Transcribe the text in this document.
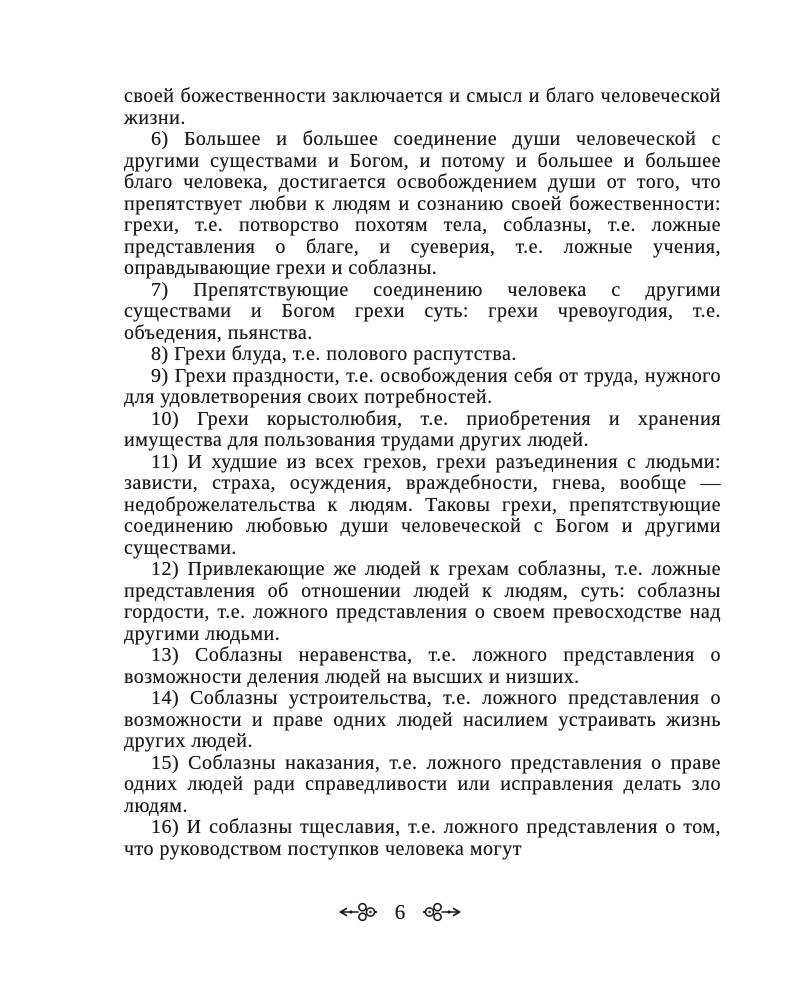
своей божественности заключается и смысл и благо человеческой жизни.

6) Большее и большее соединение души человеческой с другими существами и Богом, и потому и большее и большее благо человека, достигается освобождением души от того, что препятствует любви к людям и сознанию своей божественности: грехи, т.е. потворство похотям тела, соблазны, т.е. ложные представления о благе, и суеверия, т.е. ложные учения, оправдывающие грехи и соблазны.

7) Препятствующие соединению человека с другими существами и Богом грехи суть: грехи чревоугодия, т.е. объедения, пьянства.

8) Грехи блуда, т.е. полового распутства.

9) Грехи праздности, т.е. освобождения себя от труда, нужного для удовлетворения своих потребностей.

10) Грехи корыстолюбия, т.е. приобретения и хранения имущества для пользования трудами других людей.

11) И худшие из всех грехов, грехи разъединения с людьми: зависти, страха, осуждения, враждебности, гнева, вообще — недоброжелательства к людям. Таковы грехи, препятствующие соединению любовью души человеческой с Богом и другими существами.

12) Привлекающие же людей к грехам соблазны, т.е. ложные представления об отношении людей к людям, суть: соблазны гордости, т.е. ложного представления о своем превосходстве над другими людьми.

13) Соблазны неравенства, т.е. ложного представления о возможности деления людей на высших и низших.

14) Соблазны устроительства, т.е. ложного представления о возможности и праве одних людей насилием устраивать жизнь других людей.

15) Соблазны наказания, т.е. ложного представления о праве одних людей ради справедливости или исправления делать зло людям.

16) И соблазны тщеславия, т.е. ложного представления о том, что руководством поступков человека могут

6
